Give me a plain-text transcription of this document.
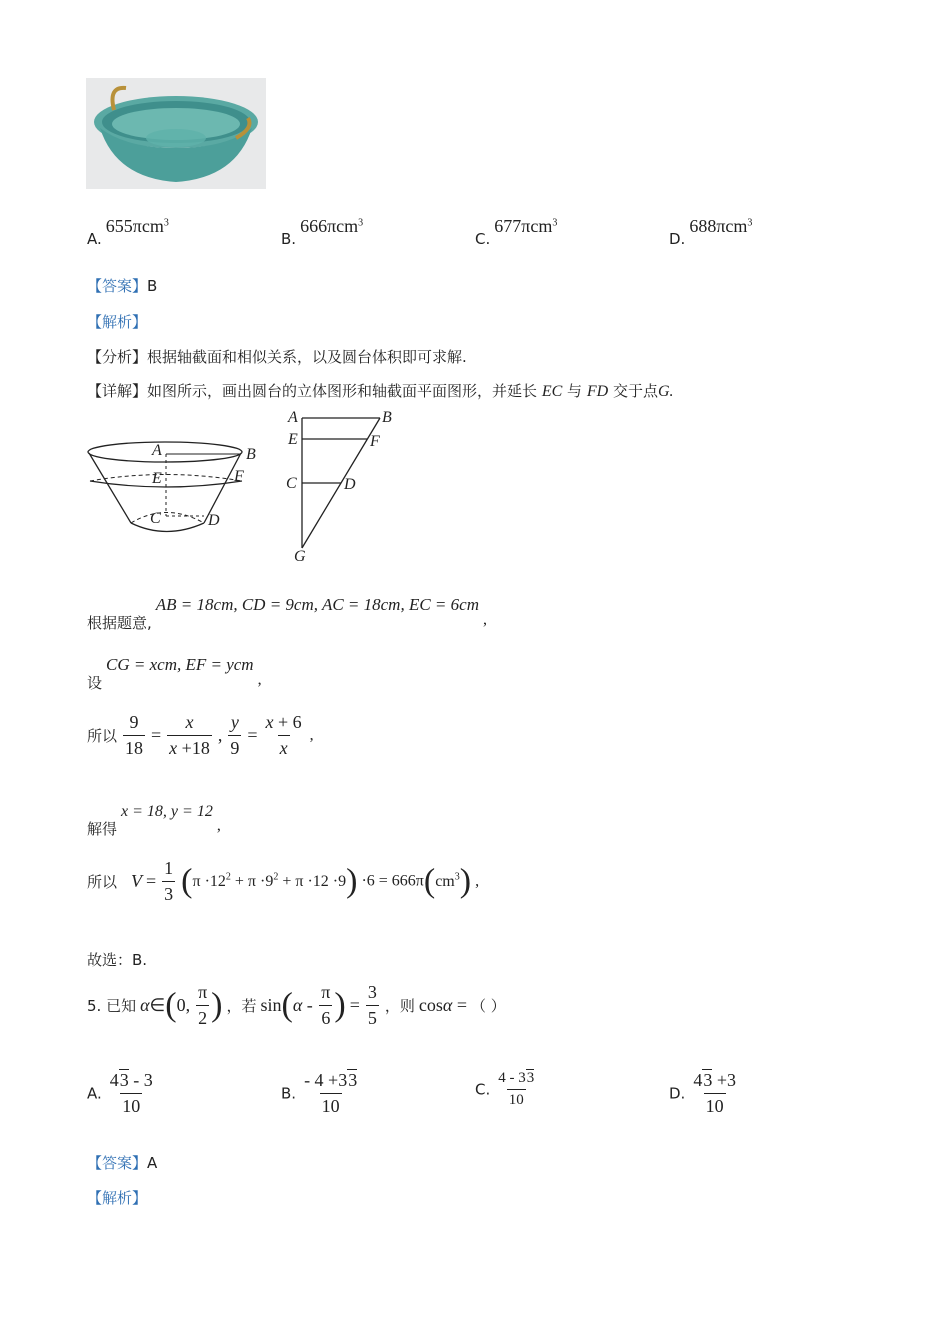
A. 655πcm$^3$
B. 666πcm$^3$
C. 677πcm$^3$
D. 688πcm$^3$
【答案】B
【解析】
【分析】根据轴截面和相似关系，以及圆台体积即可求解.
【详解】如图所示，画出圆台的立体图形和轴截面平面图形，并延长 EC 与 FD 交于点G.
A	B
E	F
C	D
A	B
E	F
C	D
G
根据题意, AB = 18cm, CD = 9cm, AC = 18cm, EC = 6cm ,
设 CG = xcm, EF = ycm ,
所以 $\frac{9}{18} = \frac{x}{x +18}$ , $\frac{y}{9} = \frac{x + 6}{x}$ ,
解得 x = 18, y = 12 ,
所以 $V = \frac{1}{3} (\pi \cdot 12^2 + \pi \cdot 9^2 + \pi \cdot 12 \cdot 9) \cdot 6 = 666\pi(cm^3)$ ,
故选：B.
5. 已知 α∈(0, $\frac{\pi}{2}$ ) ，若 $\sin(\alpha - \frac{\pi}{6}$ ) = $\frac{3}{5}$ ，则 cosα = （ ）
A. $\frac{43 - 3}{10}$	B. $\frac{- 4 +33}{10}$	C. $\frac{4 - 33}{10}$	D. $\frac{43 +3}{10}$
【答案】A
【解析】
